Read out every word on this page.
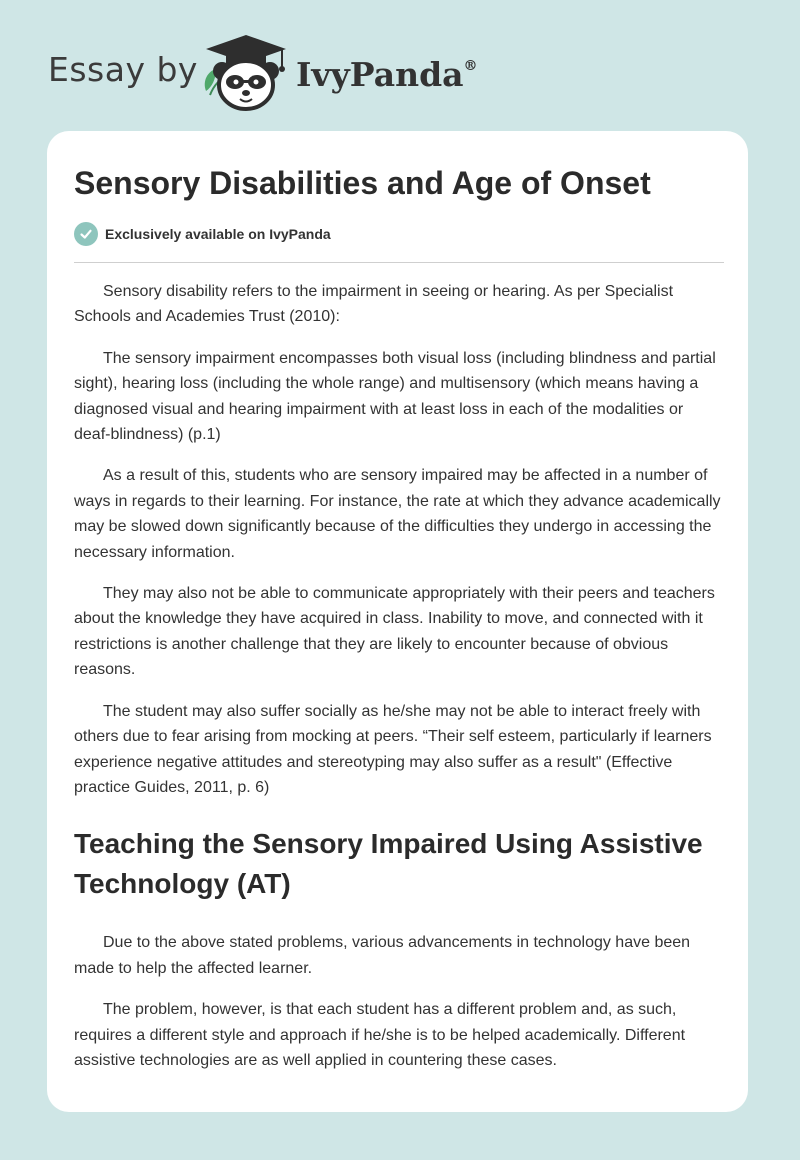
Essay by	IvyPanda®
Sensory Disabilities and Age of Onset
Exclusively available on IvyPanda

Sensory disability refers to the impairment in seeing or hearing. As per Specialist Schools and Academies Trust (2010):

The sensory impairment encompasses both visual loss (including blindness and partial sight), hearing loss (including the whole range) and multisensory (which means having a diagnosed visual and hearing impairment with at least loss in each of the modalities or deaf-blindness) (p.1)

As a result of this, students who are sensory impaired may be affected in a number of ways in regards to their learning. For instance, the rate at which they advance academically may be slowed down significantly because of the difficulties they undergo in accessing the necessary information.

They may also not be able to communicate appropriately with their peers and teachers about the knowledge they have acquired in class. Inability to move, and connected with it restrictions is another challenge that they are likely to encounter because of obvious reasons.

The student may also suffer socially as he/she may not be able to interact freely with others due to fear arising from mocking at peers. “Their self esteem, particularly if learners experience negative attitudes and stereotyping may also suffer as a result" (Effective practice Guides, 2011, p. 6)

Teaching the Sensory Impaired Using Assistive Technology (AT)

Due to the above stated problems, various advancements in technology have been made to help the affected learner.

The problem, however, is that each student has a different problem and, as such, requires a different style and approach if he/she is to be helped academically. Different assistive technologies are as well applied in countering these cases.
